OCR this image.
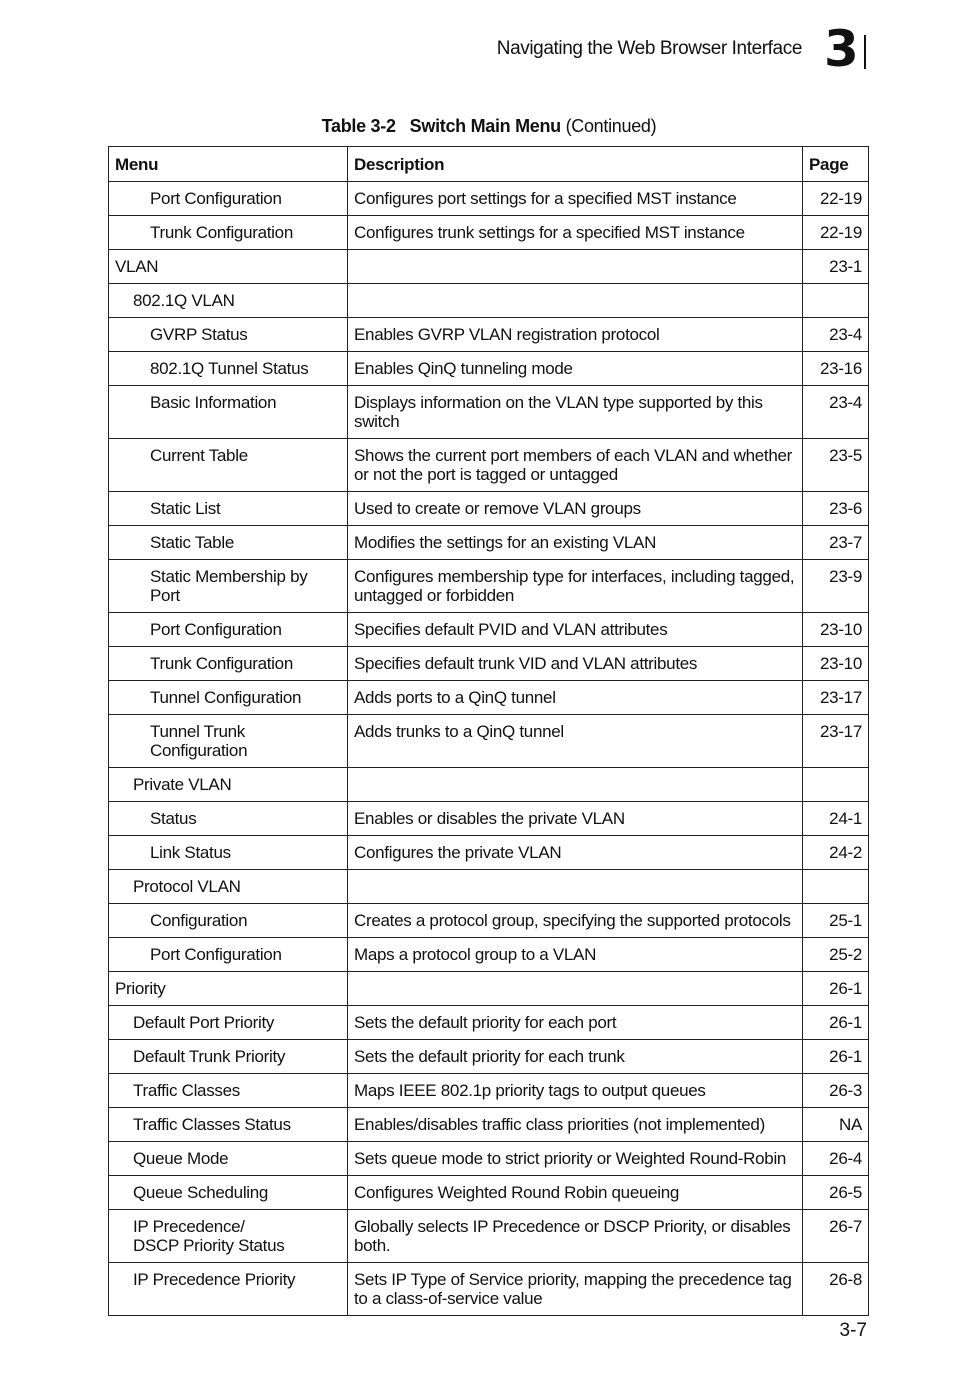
Navigating the Web Browser Interface 3
Table 3-2 Switch Main Menu (Continued)
Menu	Description	Page
Port Configuration	Configures port settings for a specified MST instance	22-19
Trunk Configuration	Configures trunk settings for a specified MST instance	22-19
VLAN		23-1
802.1Q VLAN		
GVRP Status	Enables GVRP VLAN registration protocol	23-4
802.1Q Tunnel Status	Enables QinQ tunneling mode	23-16
Basic Information	Displays information on the VLAN type supported by this switch	23-4
Current Table	Shows the current port members of each VLAN and whether or not the port is tagged or untagged	23-5
Static List	Used to create or remove VLAN groups	23-6
Static Table	Modifies the settings for an existing VLAN	23-7
Static Membership by Port	Configures membership type for interfaces, including tagged, untagged or forbidden	23-9
Port Configuration	Specifies default PVID and VLAN attributes	23-10
Trunk Configuration	Specifies default trunk VID and VLAN attributes	23-10
Tunnel Configuration	Adds ports to a QinQ tunnel	23-17
Tunnel Trunk Configuration	Adds trunks to a QinQ tunnel	23-17
Private VLAN		
Status	Enables or disables the private VLAN	24-1
Link Status	Configures the private VLAN	24-2
Protocol VLAN		
Configuration	Creates a protocol group, specifying the supported protocols	25-1
Port Configuration	Maps a protocol group to a VLAN	25-2
Priority		26-1
Default Port Priority	Sets the default priority for each port	26-1
Default Trunk Priority	Sets the default priority for each trunk	26-1
Traffic Classes	Maps IEEE 802.1p priority tags to output queues	26-3
Traffic Classes Status	Enables/disables traffic class priorities (not implemented)	NA
Queue Mode	Sets queue mode to strict priority or Weighted Round-Robin	26-4
Queue Scheduling	Configures Weighted Round Robin queueing	26-5
IP Precedence/
DSCP Priority Status	Globally selects IP Precedence or DSCP Priority, or disables both.	26-7
IP Precedence Priority	Sets IP Type of Service priority, mapping the precedence tag to a class-of-service value	26-8
3-7
